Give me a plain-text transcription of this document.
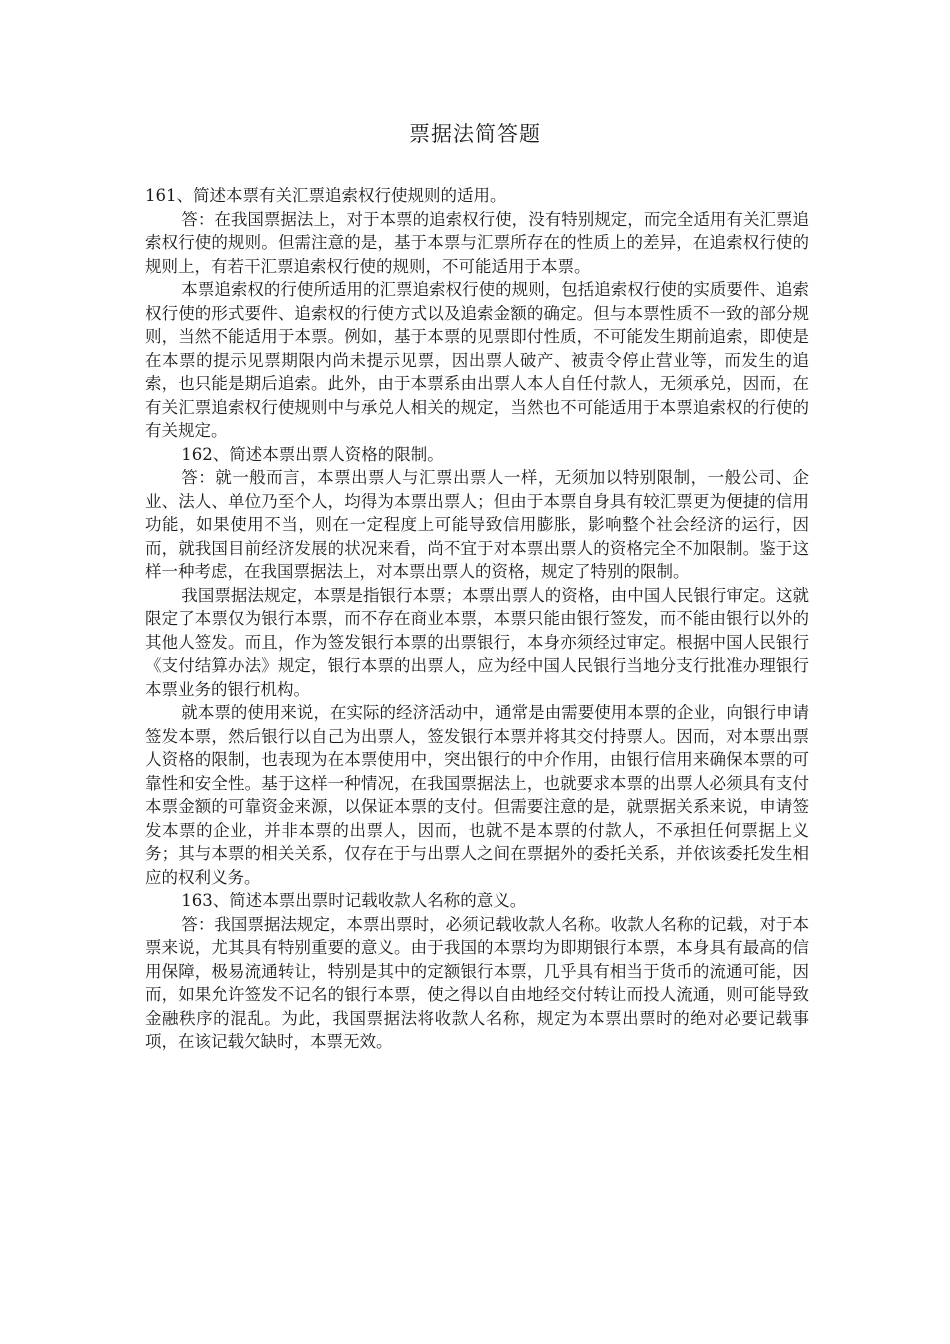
票据法简答题

161、简述本票有关汇票追索权行使规则的适用。

答：在我国票据法上，对于本票的追索权行使，没有特别规定，而完全适用有关汇票追索权行使的规则。但需注意的是，基于本票与汇票所存在的性质上的差异，在追索权行使的规则上，有若干汇票追索权行使的规则，不可能适用于本票。

本票追索权的行使所适用的汇票追索权行使的规则，包括追索权行使的实质要件、追索权行使的形式要件、追索权的行使方式以及追索金额的确定。但与本票性质不一致的部分规则，当然不能适用于本票。例如，基于本票的见票即付性质，不可能发生期前追索，即使是在本票的提示见票期限内尚未提示见票，因出票人破产、被责令停止营业等，而发生的追索，也只能是期后追索。此外，由于本票系由出票人本人自任付款人，无须承兑，因而，在有关汇票追索权行使规则中与承兑人相关的规定，当然也不可能适用于本票追索权的行使的有关规定。

162、简述本票出票人资格的限制。

答：就一般而言，本票出票人与汇票出票人一样，无须加以特别限制，一般公司、企业、法人、单位乃至个人，均得为本票出票人；但由于本票自身具有较汇票更为便捷的信用功能，如果使用不当，则在一定程度上可能导致信用膨胀，影响整个社会经济的运行，因而，就我国目前经济发展的状况来看，尚不宜于对本票出票人的资格完全不加限制。鉴于这样一种考虑，在我国票据法上，对本票出票人的资格，规定了特别的限制。

我国票据法规定，本票是指银行本票；本票出票人的资格，由中国人民银行审定。这就限定了本票仅为银行本票，而不存在商业本票，本票只能由银行签发，而不能由银行以外的其他人签发。而且，作为签发银行本票的出票银行，本身亦须经过审定。根据中国人民银行《支付结算办法》规定，银行本票的出票人，应为经中国人民银行当地分支行批准办理银行本票业务的银行机构。

就本票的使用来说，在实际的经济活动中，通常是由需要使用本票的企业，向银行申请签发本票，然后银行以自己为出票人，签发银行本票并将其交付持票人。因而，对本票出票人资格的限制，也表现为在本票使用中，突出银行的中介作用，由银行信用来确保本票的可靠性和安全性。基于这样一种情况，在我国票据法上，也就要求本票的出票人必须具有支付本票金额的可靠资金来源，以保证本票的支付。但需要注意的是，就票据关系来说，申请签发本票的企业，并非本票的出票人，因而，也就不是本票的付款人，不承担任何票据上义务；其与本票的相关关系，仅存在于与出票人之间在票据外的委托关系，并依该委托发生相应的权利义务。

163、简述本票出票时记载收款人名称的意义。

答：我国票据法规定，本票出票时，必须记载收款人名称。收款人名称的记载，对于本票来说，尤其具有特别重要的意义。由于我国的本票均为即期银行本票，本身具有最高的信用保障，极易流通转让，特别是其中的定额银行本票，几乎具有相当于货币的流通可能，因而，如果允许签发不记名的银行本票，使之得以自由地经交付转让而投人流通，则可能导致金融秩序的混乱。为此，我国票据法将收款人名称，规定为本票出票时的绝对必要记载事项，在该记载欠缺时，本票无效。
